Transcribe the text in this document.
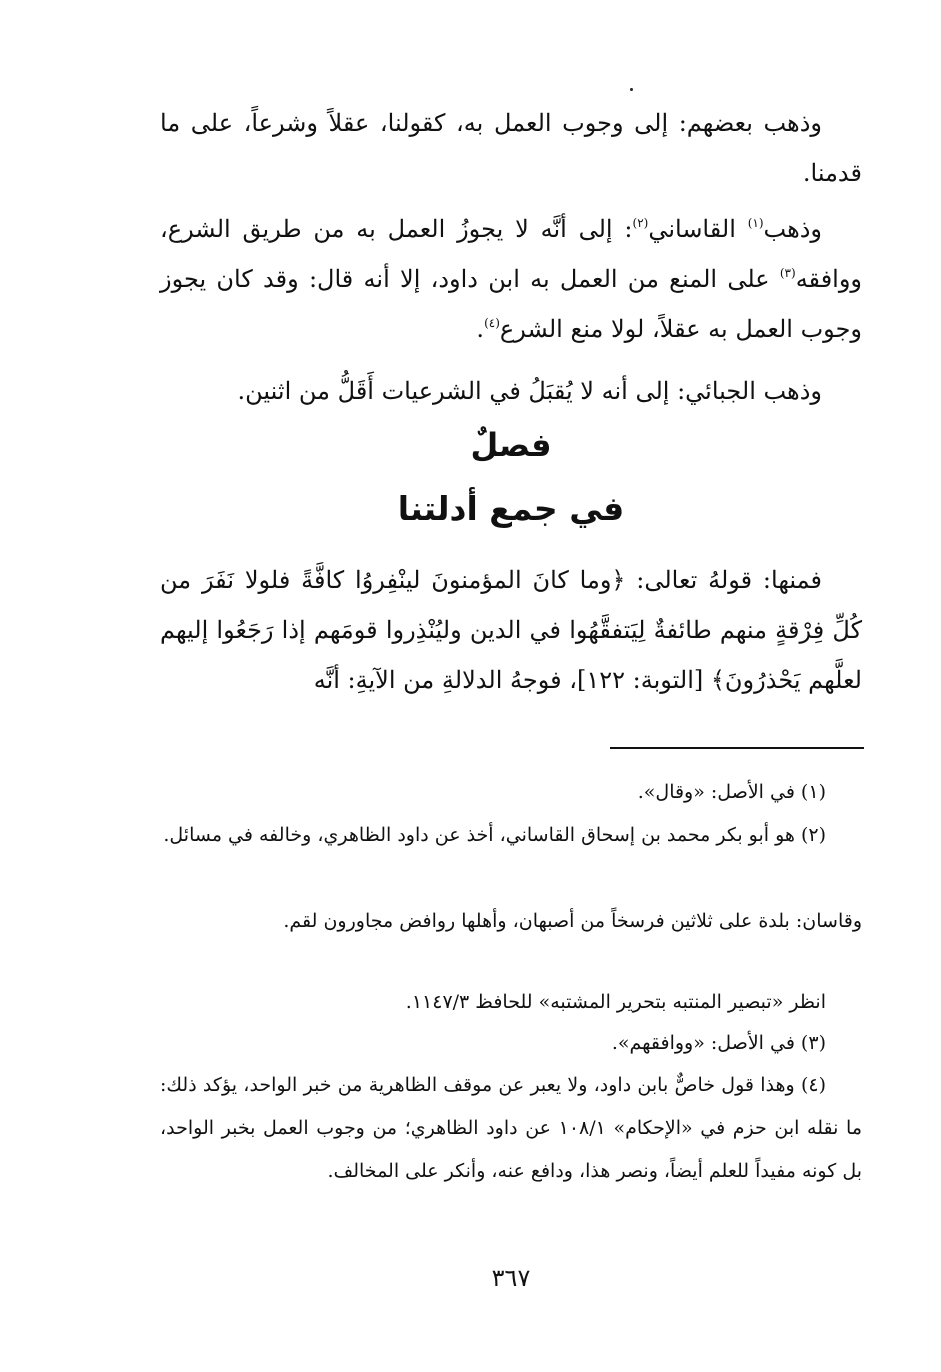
وذهب بعضهم: إلى وجوب العمل به، كقولنا، عقلاً وشرعاً، على ما قدمنا.
وذهب$^{(١)}$ القاساني$^{(٢)}$: إلى أنَّه لا يجوزُ العمل به من طريق الشرع، ووافقه$^{(٣)}$ على المنع من العمل به ابن داود، إلا أنه قال: وقد كان يجوز وجوب العمل به عقلاً، لولا منع الشرع$^{(٤)}$.
وذهب الجبائي: إلى أنه لا يُقبَلُ في الشرعيات أَقَلُّ من اثنين.
فصلٌ
في جمع أدلتنا
فمنها: قولهُ تعالى: ﴿وما كانَ المؤمنونَ لينْفِروُا كافَّةً فلولا نَفَرَ من كُلِّ فِرْقةٍ منهم طائفةٌ لِيَتفقَّهُوا في الدين وليُنْذِروا قومَهم إذا رَجَعُوا إليهم لعلَّهم يَحْذرُونَ﴾ [التوبة: ١٢٢]، فوجهُ الدلالةِ من الآيةِ: أنَّه
(١) في الأصل: «وقال».
(٢) هو أبو بكر محمد بن إسحاق القاساني، أخذ عن داود الظاهري، وخالفه في مسائل.
وقاسان: بلدة على ثلاثين فرسخاً من أصبهان، وأهلها روافض مجاورون لقم.
انظر «تبصير المنتبه بتحرير المشتبه» للحافظ ١١٤٧/٣.
(٣) في الأصل: «ووافقهم».
(٤) وهذا قول خاصٌّ بابن داود، ولا يعبر عن موقف الظاهرية من خبر الواحد، يؤكد ذلك: ما نقله ابن حزم في «الإحكام» ١٠٨/١ عن داود الظاهري؛ من وجوب العمل بخبر الواحد، بل كونه مفيداً للعلم أيضاً، ونصر هذا، ودافع عنه، وأنكر على المخالف.
٣٦٧
